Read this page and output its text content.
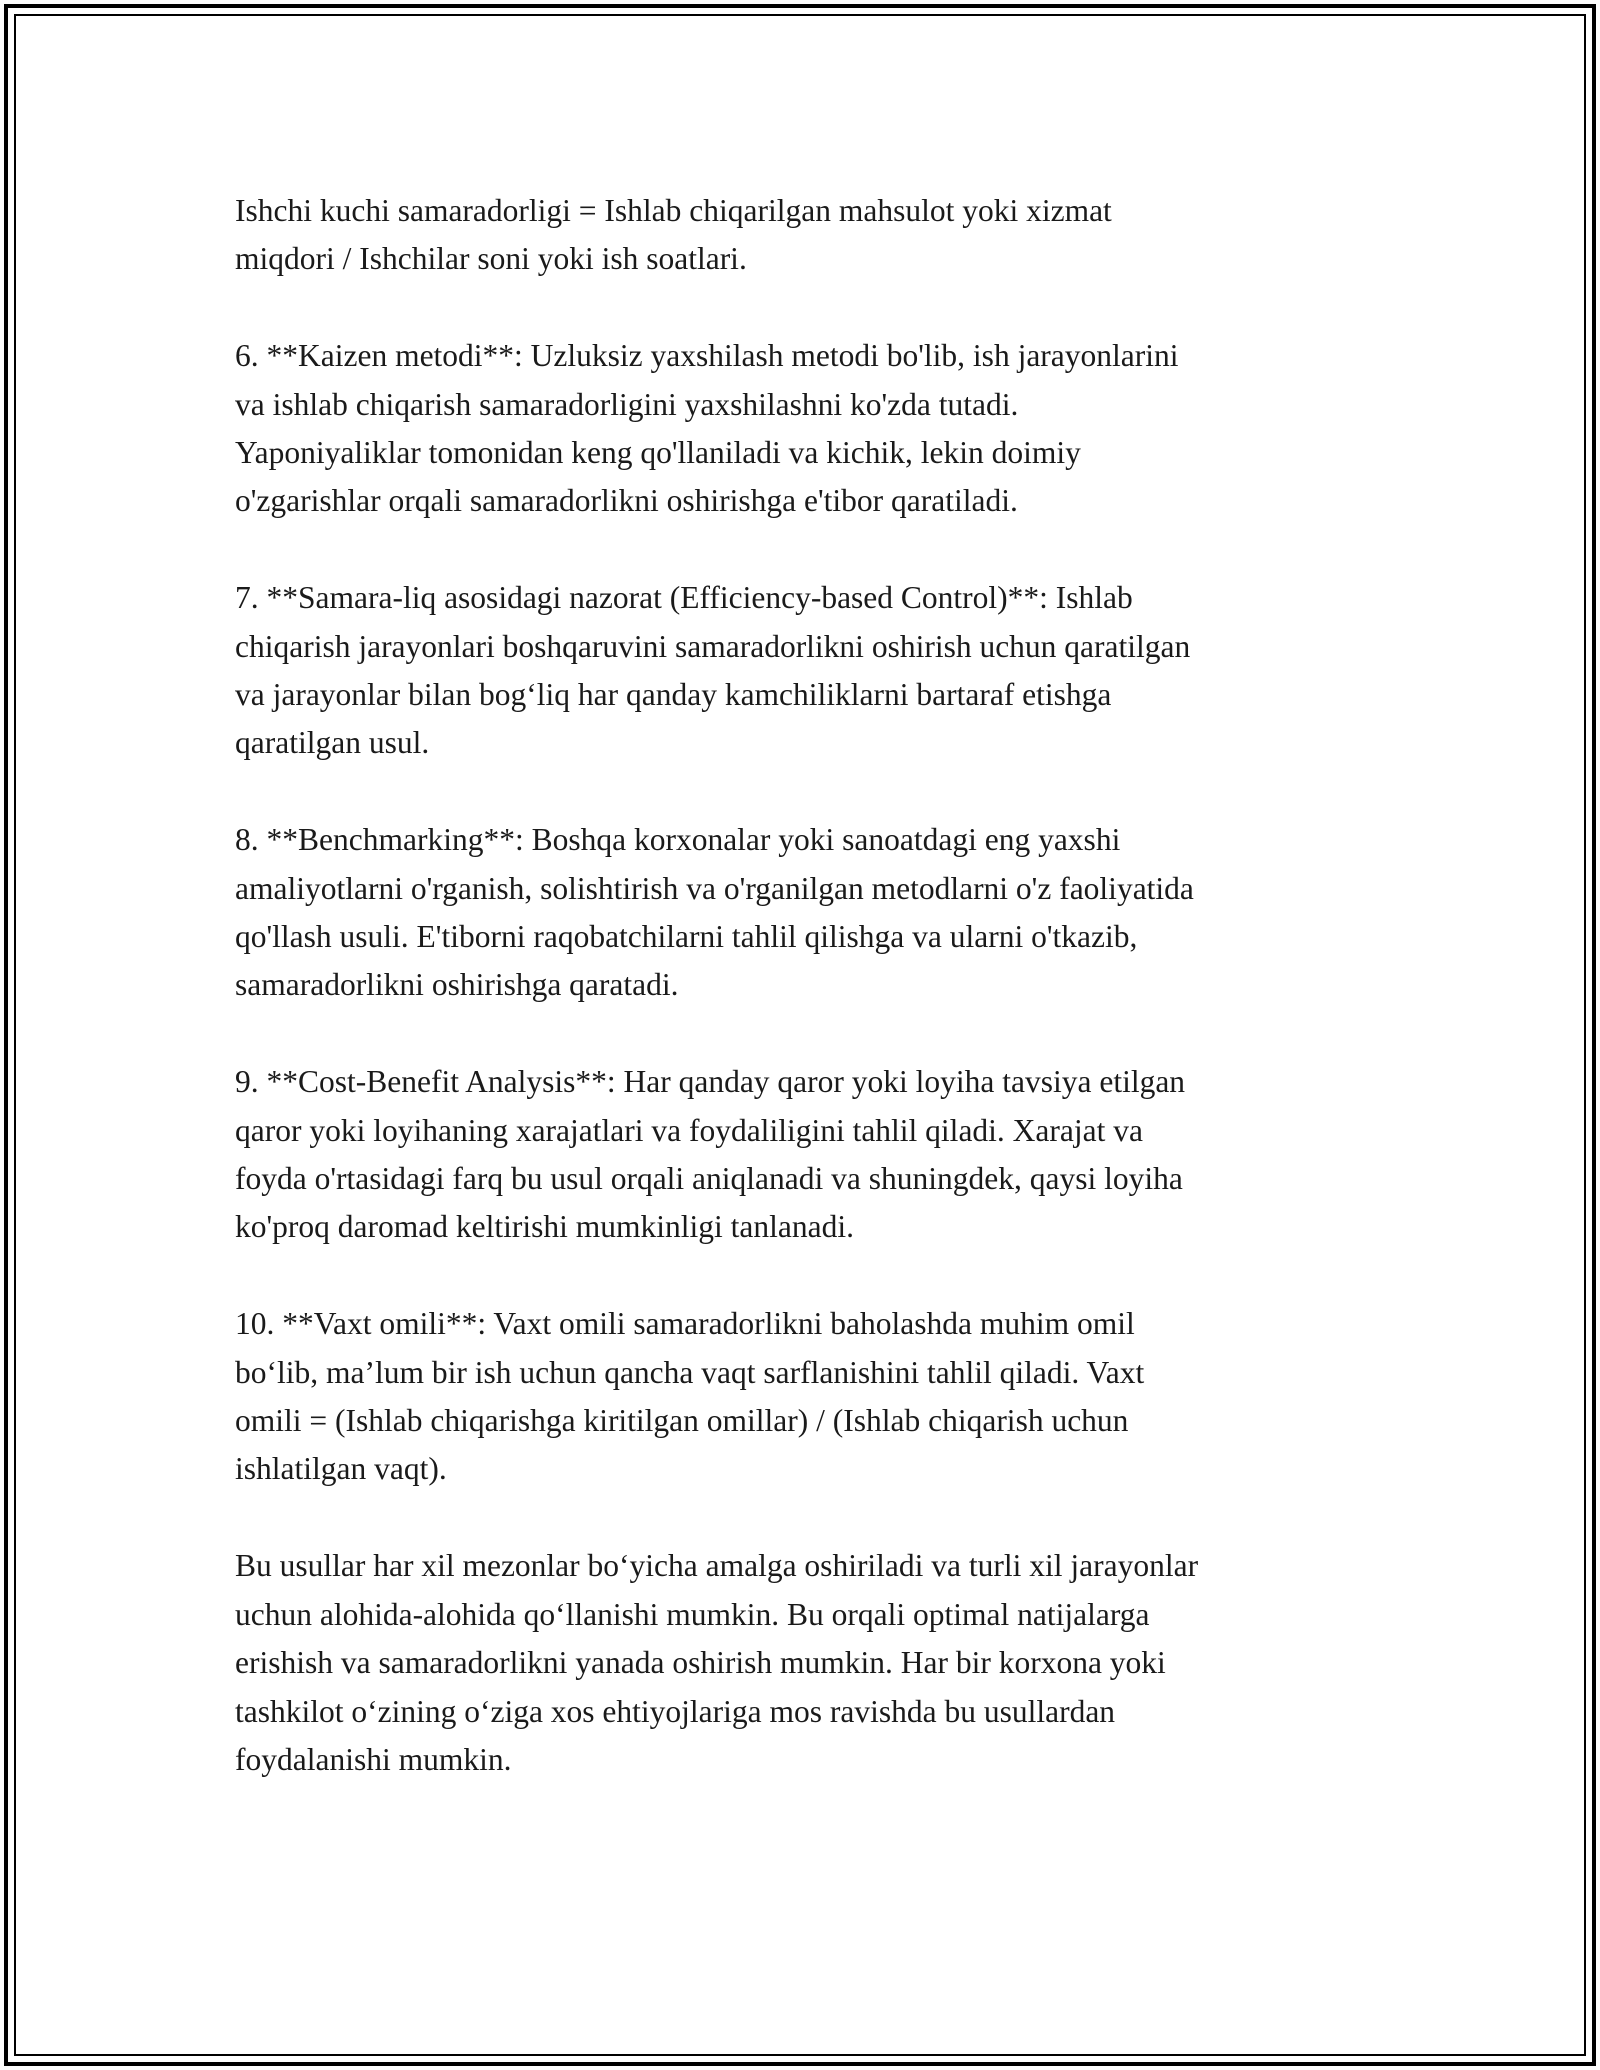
Ishchi kuchi samaradorligi = Ishlab chiqarilgan mahsulot yoki xizmat
miqdori / Ishchilar soni yoki ish soatlari.

6. **Kaizen metodi**: Uzluksiz yaxshilash metodi bo'lib, ish jarayonlarini
va ishlab chiqarish samaradorligini yaxshilashni ko'zda tutadi.
Yaponiyaliklar tomonidan keng qo'llaniladi va kichik, lekin doimiy
o'zgarishlar orqali samaradorlikni oshirishga e'tibor qaratiladi.

7. **Samara-liq asosidagi nazorat (Efficiency-based Control)**: Ishlab
chiqarish jarayonlari boshqaruvini samaradorlikni oshirish uchun qaratilgan
va jarayonlar bilan bog‘liq har qanday kamchiliklarni bartaraf etishga
qaratilgan usul.

8. **Benchmarking**: Boshqa korxonalar yoki sanoatdagi eng yaxshi
amaliyotlarni o'rganish, solishtirish va o'rganilgan metodlarni o'z faoliyatida
qo'llash usuli. E'tiborni raqobatchilarni tahlil qilishga va ularni o'tkazib,
samaradorlikni oshirishga qaratadi.

9. **Cost-Benefit Analysis**: Har qanday qaror yoki loyiha tavsiya etilgan
qaror yoki loyihaning xarajatlari va foydaliligini tahlil qiladi. Xarajat va
foyda o'rtasidagi farq bu usul orqali aniqlanadi va shuningdek, qaysi loyiha
ko'proq daromad keltirishi mumkinligi tanlanadi.

10. **Vaxt omili**: Vaxt omili samaradorlikni baholashda muhim omil
bo‘lib, ma’lum bir ish uchun qancha vaqt sarflanishini tahlil qiladi. Vaxt
omili = (Ishlab chiqarishga kiritilgan omillar) / (Ishlab chiqarish uchun
ishlatilgan vaqt).

Bu usullar har xil mezonlar bo‘yicha amalga oshiriladi va turli xil jarayonlar
uchun alohida-alohida qo‘llanishi mumkin. Bu orqali optimal natijalarga
erishish va samaradorlikni yanada oshirish mumkin. Har bir korxona yoki
tashkilot o‘zining o‘ziga xos ehtiyojlariga mos ravishda bu usullardan
foydalanishi mumkin.
